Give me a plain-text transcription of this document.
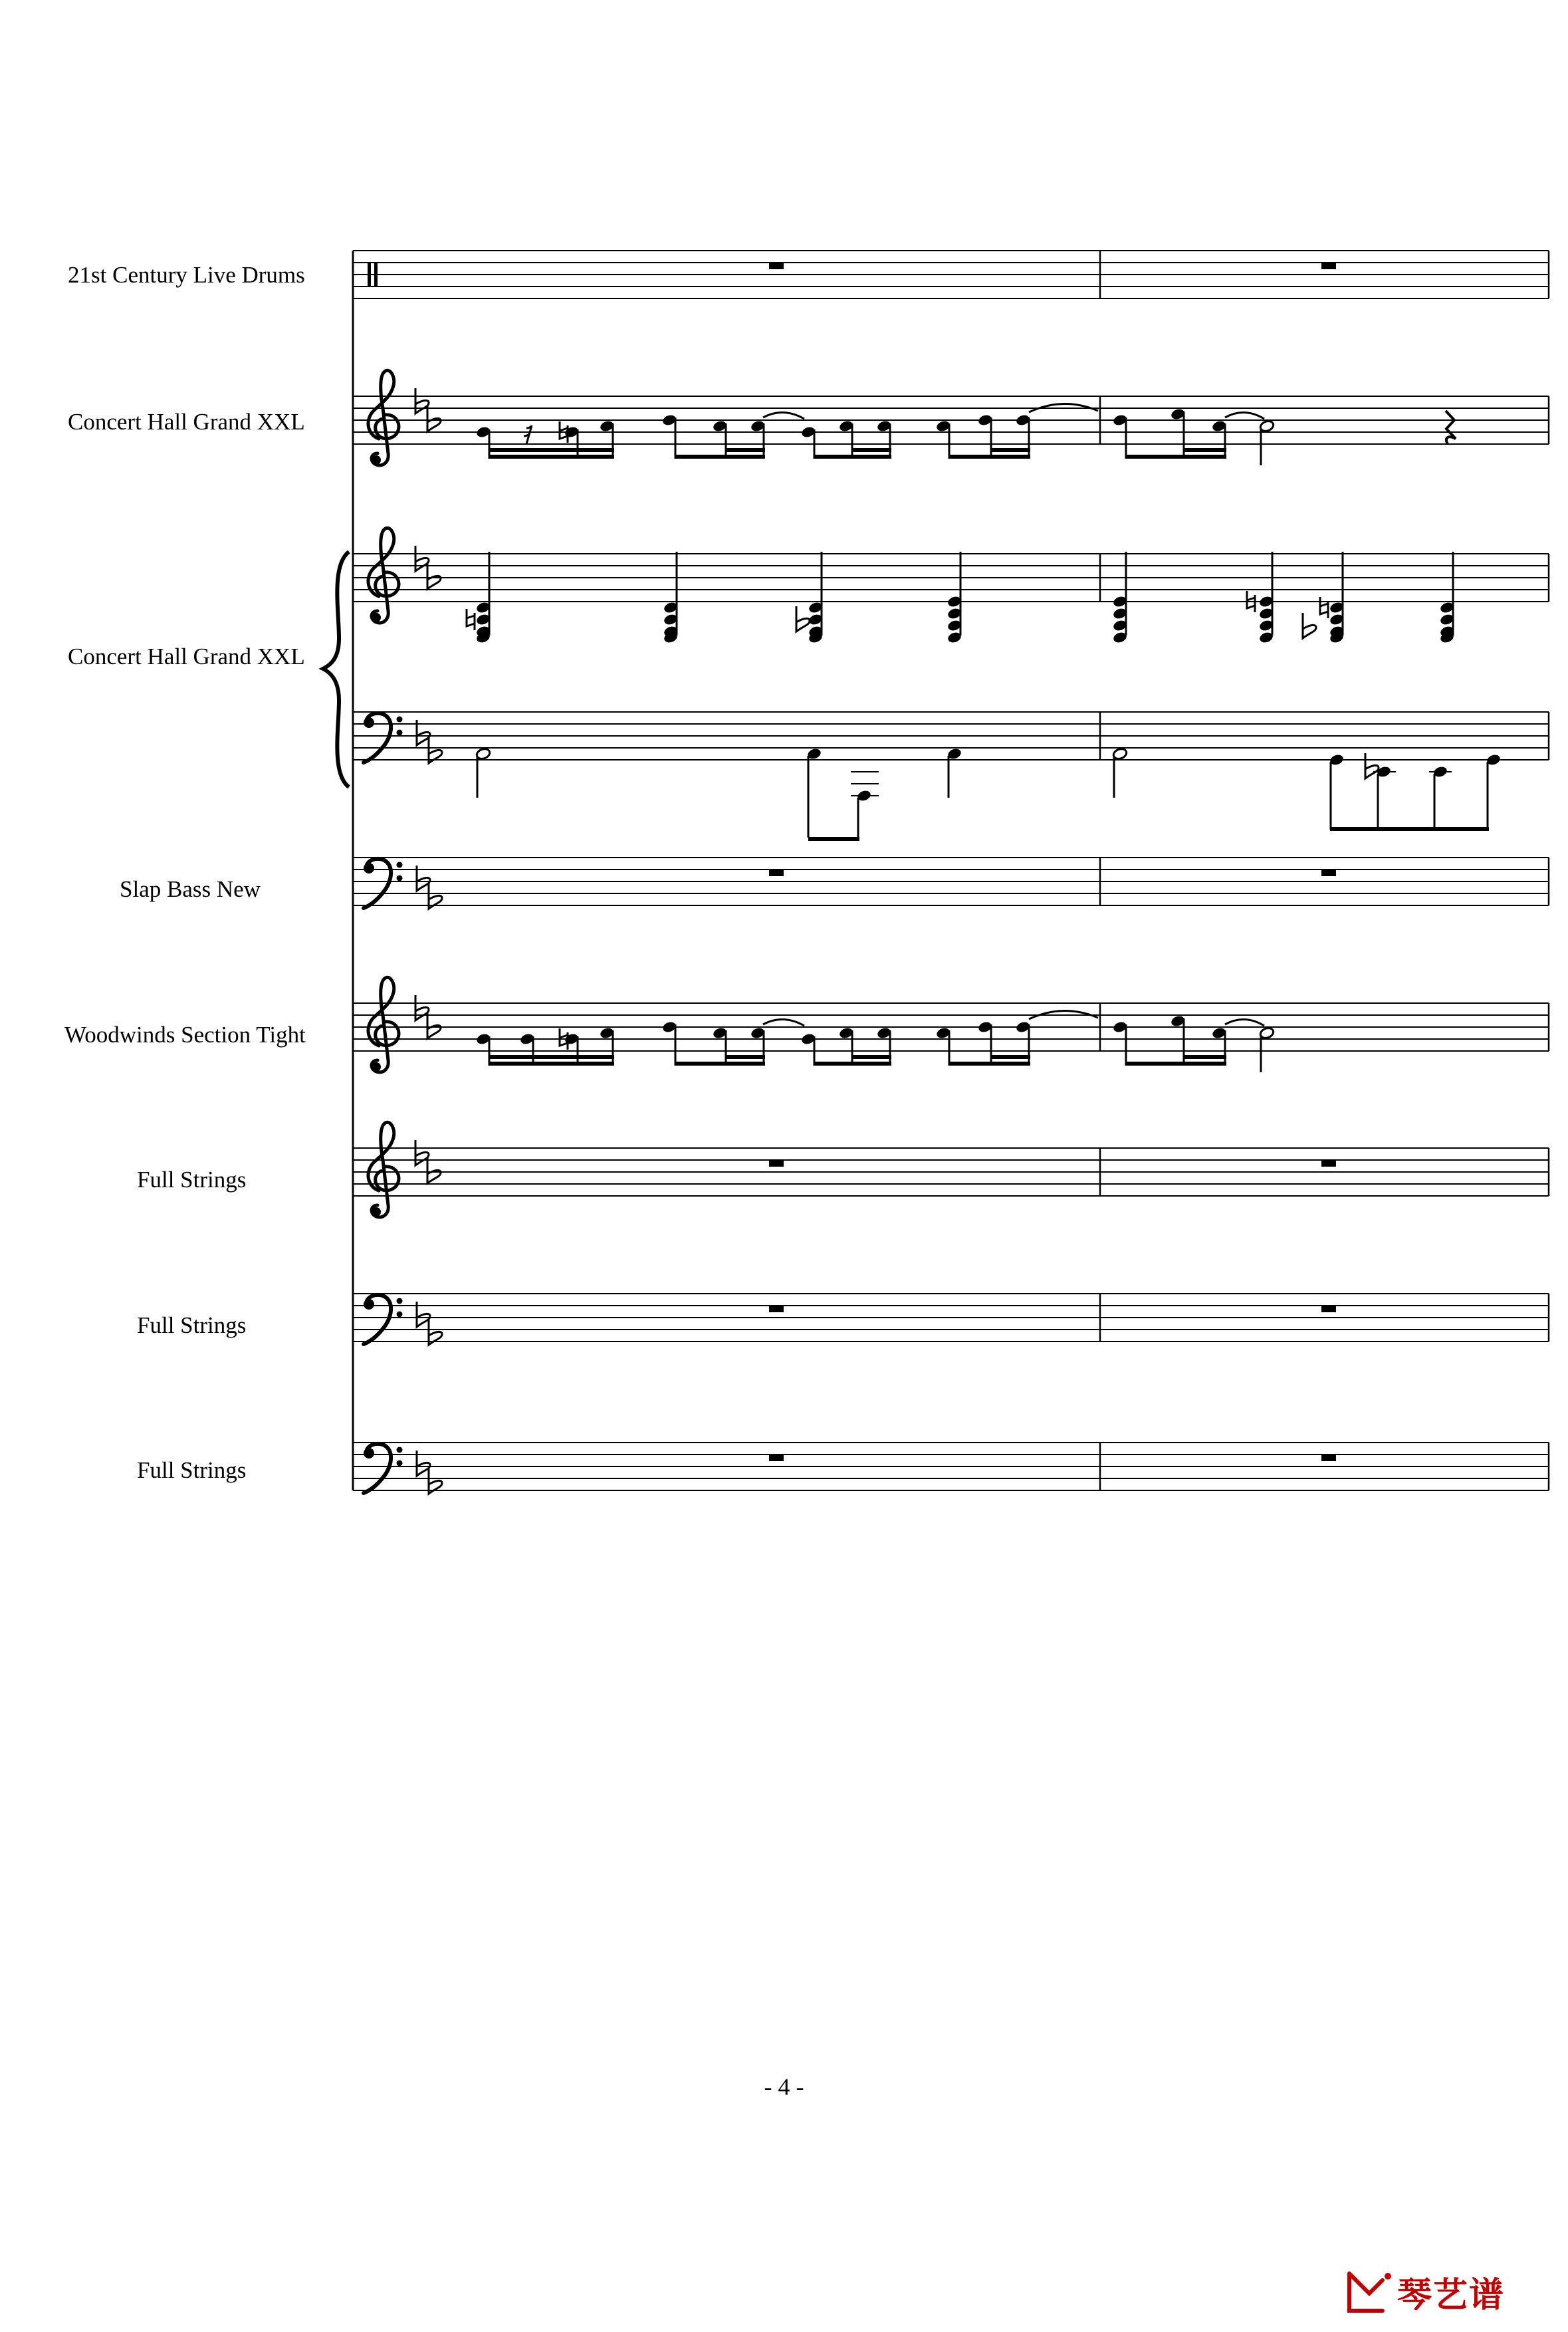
21st Century Live Drums
Concert Hall Grand XXL
Concert Hall Grand XXL
Slap Bass New
Woodwinds Section Tight
Full Strings
Full Strings
Full Strings
- 4 -
琴艺谱
